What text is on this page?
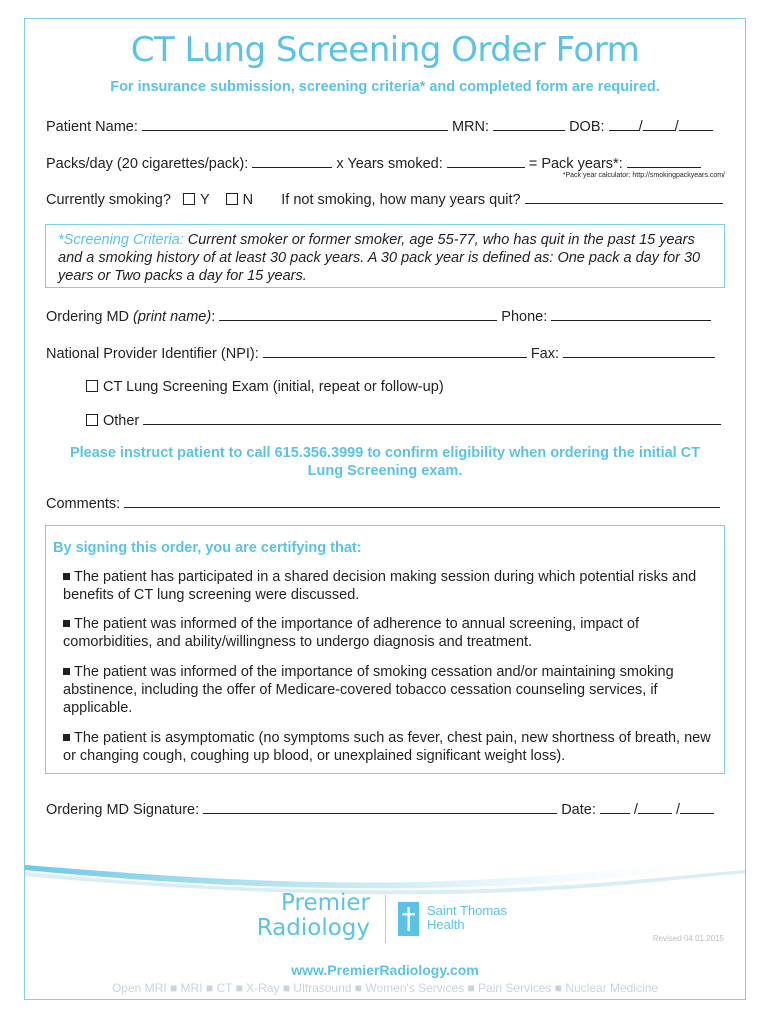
CT Lung Screening Order Form
For insurance submission, screening criteria* and completed form are required.
Patient Name:	MRN:	DOB: / /
Packs/day (20 cigarettes/pack):	x Years smoked:	= Pack years*:
*Pack year calculator: http://smokingpackyears.com/
Currently smoking? Y N If not smoking, how many years quit?
*Screening Criteria: Current smoker or former smoker, age 55-77, who has quit in the past 15 years and a smoking history of at least 30 pack years. A 30 pack year is defined as: One pack a day for 30 years or Two packs a day for 15 years.
Ordering MD (print name):	Phone:
National Provider Identifier (NPI):	Fax:
CT Lung Screening Exam (initial, repeat or follow-up)
Other
Please instruct patient to call 615.356.3999 to confirm eligibility when ordering the initial CT Lung Screening exam.
Comments:
By signing this order, you are certifying that:
The patient has participated in a shared decision making session during which potential risks and benefits of CT lung screening were discussed.
The patient was informed of the importance of adherence to annual screening, impact of comorbidities, and ability/willingness to undergo diagnosis and treatment.
The patient was informed of the importance of smoking cessation and/or maintaining smoking abstinence, including the offer of Medicare-covered tobacco cessation counseling services, if applicable.
The patient is asymptomatic (no symptoms such as fever, chest pain, new shortness of breath, new or changing cough, coughing up blood, or unexplained significant weight loss).
Ordering MD Signature:	Date:	/	/
Premier
Radiology
Saint Thomas
Health
Revised 04.01.2015
www.PremierRadiology.com
Open MRI ■ MRI ■ CT ■ X-Ray ■ Ultrasound ■ Women's Services ■ Pain Services ■ Nuclear Medicine
